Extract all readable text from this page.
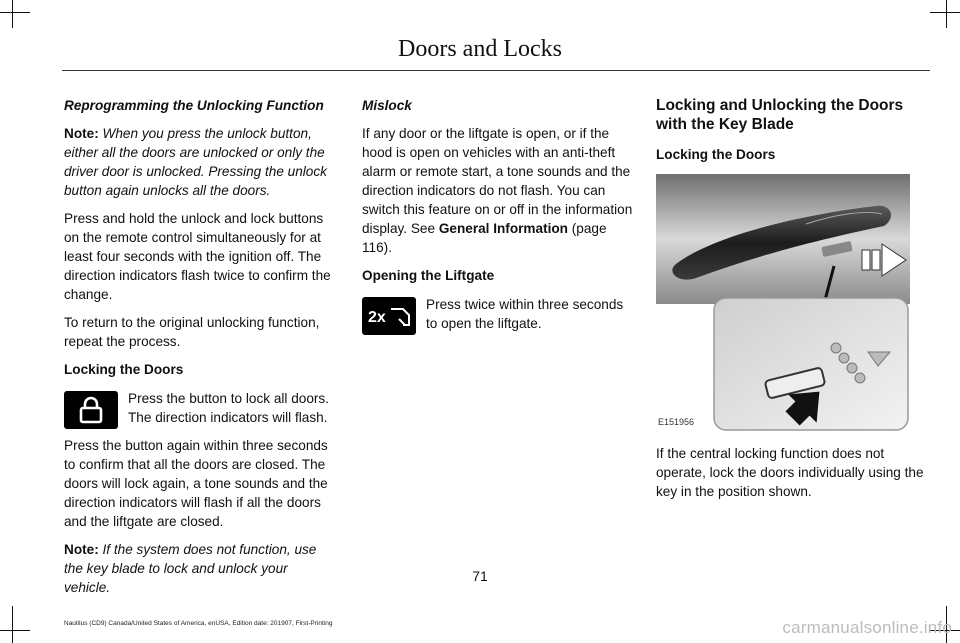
Doors and Locks

Reprogramming the Unlocking Function

Note: When you press the unlock button, either all the doors are unlocked or only the driver door is unlocked. Pressing the unlock button again unlocks all the doors.

Press and hold the unlock and lock buttons on the remote control simultaneously for at least four seconds with the ignition off. The direction indicators flash twice to confirm the change.

To return to the original unlocking function, repeat the process.

Locking the Doors

Press the button to lock all doors. The direction indicators will flash.

Press the button again within three seconds to confirm that all the doors are closed. The doors will lock again, a tone sounds and the direction indicators will flash if all the doors and the liftgate are closed.

Note: If the system does not function, use the key blade to lock and unlock your vehicle.

Mislock

If any door or the liftgate is open, or if the hood is open on vehicles with an anti-theft alarm or remote start, a tone sounds and the direction indicators do not flash. You can switch this feature on or off in the information display. See General Information (page 116).

Opening the Liftgate

2x

Press twice within three seconds to open the liftgate.

Locking and Unlocking the Doors with the Key Blade

Locking the Doors

E151956

If the central locking function does not operate, lock the doors individually using the key in the position shown.

71
Nautilus (CD9) Canada/United States of America, enUSA, Edition date: 201907, First-Printing	carmanualsonline.info
